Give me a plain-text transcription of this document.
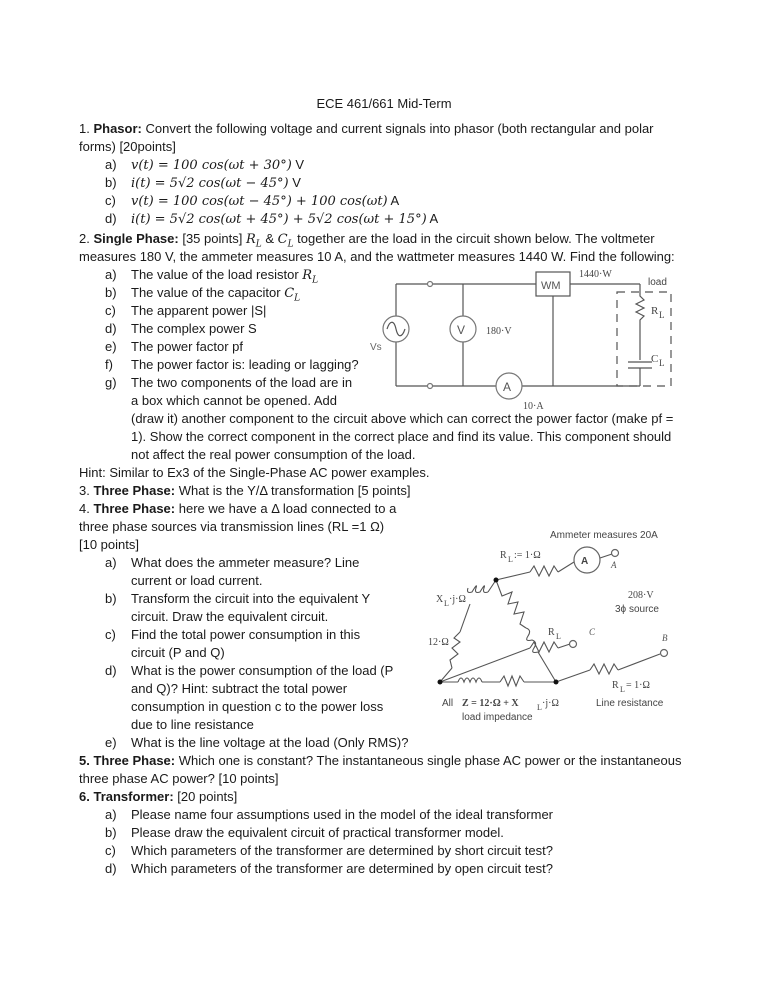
ECE 461/661 Mid-Term
1. Phasor: Convert the following voltage and current signals into phasor (both rectangular and polar
forms) [20points]
a) v(t) = 100 cos(ωt + 30°) V
b) i(t) = 5√2 cos(ωt − 45°) V
c) v(t) = 100 cos(ωt − 45°) + 100 cos(ωt) A
d) i(t) = 5√2 cos(ωt + 45°) + 5√2 cos(ωt + 15°) A
2. Single Phase: [35 points] $R_L$ & $C_L$ together are the load in the circuit shown below. The voltmeter
measures 180 V, the ammeter measures 10 A, and the wattmeter measures 1440 W. Find the following:
a) The value of the load resistor $R_L$
b) The value of the capacitor $C_L$
c) The apparent power |S|
d) The complex power S
e) The power factor pf
f) The power factor is: leading or lagging?
g) The two components of the load are in
a box which cannot be opened. Add
(draw it) another component to the circuit above which can correct the power factor (make pf =
1). Show the correct component in the correct place and find its value. This component should
not affect the real power consumption of the load.
Hint: Similar to Ex3 of the Single-Phase AC power examples.
V
A
WM
1440·W
load
180·V
10·A
Vs
R L
C L
3. Three Phase: What is the Y/Δ transformation [5 points]
4. Three Phase: here we have a Δ load connected to a
three phase sources via transmission lines (RL =1 Ω)
[10 points]
a) What does the ammeter measure? Line
current or load current.
b) Transform the circuit into the equivalent Y
circuit. Draw the equivalent circuit.
c) Find the total power consumption in this
circuit (P and Q)
d) What is the power consumption of the load (P
and Q)? Hint: subtract the total power
consumption in question c to the power loss
due to line resistance
e) What is the line voltage at the load (Only RMS)?
Ammeter measures 20A
A
R L := 1·Ω
A
208·V
3ϕ source
X L ·j·Ω
12·Ω
R L	C
B
R L = 1·Ω
Line resistance
All Z = 12·Ω + X L ·j·Ω
load impedance
5. Three Phase: Which one is constant? The instantaneous single phase AC power or the instantaneous
three phase AC power? [10 points]
6. Transformer: [20 points]
a) Please name four assumptions used in the model of the ideal transformer
b) Please draw the equivalent circuit of practical transformer model.
c) Which parameters of the transformer are determined by short circuit test?
d) Which parameters of the transformer are determined by open circuit test?
